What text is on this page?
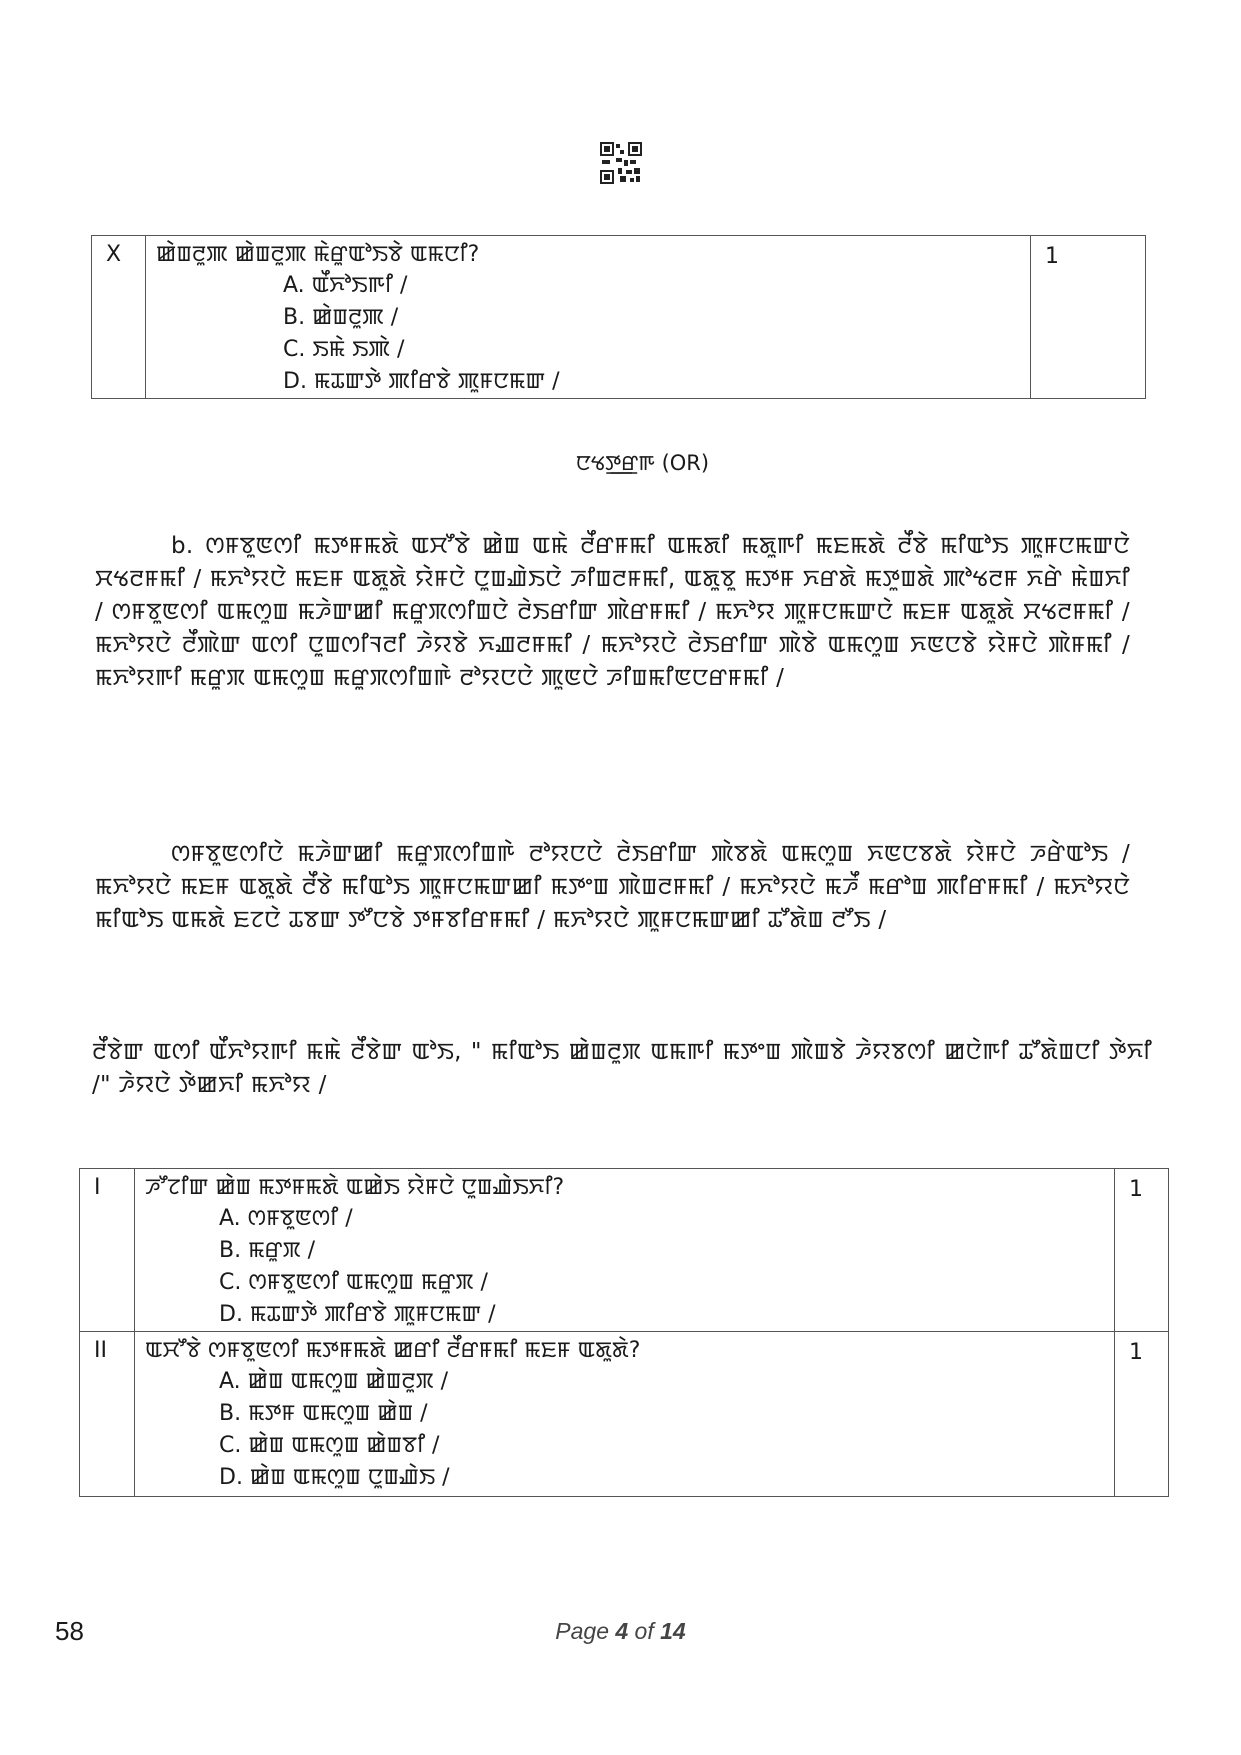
X	ꯀꯥꯡꯂꯨꯄ ꯀꯥꯡꯂꯨꯄ ꯃꯥꯔꯨꯑꯣꯏꯕꯥ ꯑꯃꯅꯤ?
A. ꯑꯩꯈꯣꯏꯒꯤ /
B. ꯀꯥꯡꯂꯨꯄ /
C. ꯏꯃꯥ ꯏꯄꯥ /
D. ꯃꯊꯛꯇꯥ ꯄꯤꯔꯕꯥ ꯄꯨꯝꯅꯃꯛ /
	1
ꯅꯠꯇ꯭ꯔꯒ (OR)
b. ꯁꯝꯕꯨꯟꯁꯤ ꯃꯇꯝꯃꯗꯥ ꯑꯆꯧꯕꯥ ꯀꯥꯡ ꯑꯃꯥ ꯂꯩꯔꯝꯃꯤ ꯑꯃꯗꯤ ꯃꯗꯨꯒꯤ ꯃꯐꯃꯗꯥ ꯂꯩꯕꯥ ꯃꯤꯑꯣꯏ ꯄꯨꯝꯅꯃꯛꯅꯥ ꯆꯠꯂꯝꯃꯤ / ꯃꯈꯣꯌꯅꯥ ꯃꯐꯝ ꯑꯗꯨꯗꯥ ꯌꯥꯝꯅꯥ ꯅꯨꯡꯉꯥꯏꯅꯥ ꯍꯤꯡꯂꯝꯃꯤ, ꯑꯗꯨꯕꯨ ꯃꯇꯝ ꯈꯔꯗꯥ ꯃꯇꯨꯡꯗꯥ ꯄꯣꯠꯂꯝ ꯈꯔꯥ ꯃꯥꯡꯈꯤ / ꯁꯝꯕꯨꯟꯁꯤ ꯑꯃꯁꯨꯡ ꯃꯍꯥꯛꯀꯤ ꯃꯔꯨꯞꯁꯤꯡꯅꯥ ꯂꯥꯏꯔꯤꯛ ꯄꯥꯔꯝꯃꯤ / ꯃꯈꯣꯌ ꯄꯨꯝꯅꯃꯛꯅꯥ ꯃꯐꯝ ꯑꯗꯨꯗꯥ ꯆꯠꯂꯝꯃꯤ / ꯃꯈꯣꯌꯅꯥ ꯂꯩꯄꯥꯛ ꯑꯁꯤ ꯅꯨꯡꯁꯤꯜꯂꯤ ꯍꯥꯌꯕꯥ ꯈꯉꯂꯝꯃꯤ / ꯃꯈꯣꯌꯅꯥ ꯂꯥꯏꯔꯤꯛ ꯄꯥꯕꯥ ꯑꯃꯁꯨꯡ ꯈꯟꯅꯕꯥ ꯌꯥꯝꯅꯥ ꯄꯥꯝꯃꯤ / ꯃꯈꯣꯌꯒꯤ ꯃꯔꯨꯞ ꯑꯃꯁꯨꯡ ꯃꯔꯨꯞꯁꯤꯡꯒꯥ ꯂꯣꯌꯅꯅꯥ ꯄꯨꯟꯅꯥ ꯍꯤꯡꯃꯤꯟꯅꯔꯝꯃꯤ /
ꯁꯝꯕꯨꯟꯁꯤꯅꯥ ꯃꯍꯥꯛꯀꯤ ꯃꯔꯨꯞꯁꯤꯡꯒꯥ ꯂꯣꯌꯅꯅꯥ ꯂꯥꯏꯔꯤꯛ ꯄꯥꯕꯗꯥ ꯑꯃꯁꯨꯡ ꯈꯟꯅꯕꯗꯥ ꯌꯥꯝꯅꯥ ꯍꯔꯥꯑꯣꯏ / ꯃꯈꯣꯌꯅꯥ ꯃꯐꯝ ꯑꯗꯨꯗꯥ ꯂꯩꯕꯥ ꯃꯤꯑꯣꯏ ꯄꯨꯝꯅꯃꯛꯀꯤ ꯃꯇꯦꯡ ꯄꯥꯡꯂꯝꯃꯤ / ꯃꯈꯣꯌꯅꯥ ꯃꯍꯩ ꯃꯔꯣꯡ ꯄꯤꯔꯝꯃꯤ / ꯃꯈꯣꯌꯅꯥ ꯃꯤꯑꯣꯏ ꯑꯃꯗꯥ ꯐꯖꯅꯥ ꯊꯕꯛ ꯇꯧꯅꯕꯥ ꯇꯝꯕꯤꯔꯝꯃꯤ / ꯃꯈꯣꯌꯅꯥ ꯄꯨꯝꯅꯃꯛꯀꯤ ꯊꯧꯗꯥꯡ ꯂꯧꯏ /
ꯂꯩꯕꯥꯛ ꯑꯁꯤ ꯑꯩꯈꯣꯌꯒꯤ ꯃꯃꯥ ꯂꯩꯕꯥꯛ ꯑꯣꯏ, " ꯃꯤꯑꯣꯏ ꯀꯥꯡꯂꯨꯞ ꯑꯃꯒꯤ ꯃꯇꯦꯡ ꯄꯥꯡꯕꯥ ꯍꯥꯌꯕꯁꯤ ꯀꯅꯥꯒꯤ ꯊꯧꯗꯥꯡꯅꯤ ꯇꯥꯈꯤ /" ꯍꯥꯌꯅꯥ ꯇꯥꯀꯈꯤ ꯃꯈꯣꯌ /
I	ꯍꯧꯖꯤꯛ ꯀꯥꯡ ꯃꯇꯝꯃꯗꯥ ꯑꯀꯥꯏ ꯌꯥꯝꯅꯥ ꯅꯨꯡꯉꯥꯏꯈꯤ?
A. ꯁꯝꯕꯨꯟꯁꯤ /
B. ꯃꯔꯨꯞ /
C. ꯁꯝꯕꯨꯟꯁꯤ ꯑꯃꯁꯨꯡ ꯃꯔꯨꯞ /
D. ꯃꯊꯛꯇꯥ ꯄꯤꯔꯕꯥ ꯄꯨꯝꯅꯃꯛ /	1
II	ꯑꯆꯧꯕꯥ ꯁꯝꯕꯨꯟꯁꯤ ꯃꯇꯝꯃꯗꯥ ꯀꯔꯤ ꯂꯩꯔꯝꯃꯤ ꯃꯐꯝ ꯑꯗꯨꯗꯥ?
A. ꯀꯥꯡ ꯑꯃꯁꯨꯡ ꯀꯥꯡꯂꯨꯞ /
B. ꯃꯇꯝ ꯑꯃꯁꯨꯡ ꯀꯥꯡ /
C. ꯀꯥꯡ ꯑꯃꯁꯨꯡ ꯀꯥꯡꯕꯤ /
D. ꯀꯥꯡ ꯑꯃꯁꯨꯡ ꯅꯨꯡꯉꯥꯏ /	1
58	Page 4 of 14
